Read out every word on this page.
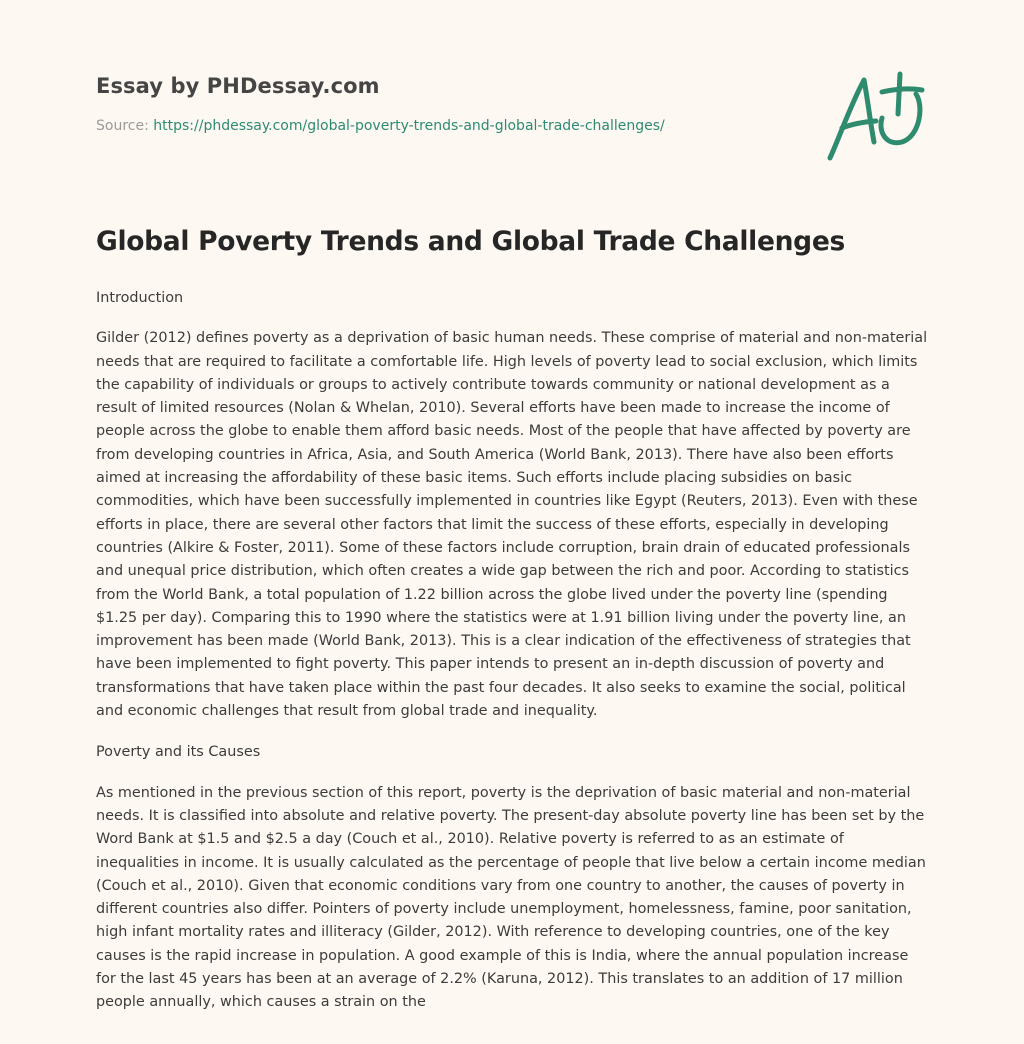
Essay by PHDessay.com
Source: https://phdessay.com/global-poverty-trends-and-global-trade-challenges/
Global Poverty Trends and Global Trade Challenges

Introduction

Gilder (2012) defines poverty as a deprivation of basic human needs. These comprise of material and non-material needs that are required to facilitate a comfortable life. High levels of poverty lead to social exclusion, which limits the capability of individuals or groups to actively contribute towards community or national development as a result of limited resources (Nolan & Whelan, 2010). Several efforts have been made to increase the income of people across the globe to enable them afford basic needs. Most of the people that have affected by poverty are from developing countries in Africa, Asia, and South America (World Bank, 2013). There have also been efforts aimed at increasing the affordability of these basic items. Such efforts include placing subsidies on basic commodities, which have been successfully implemented in countries like Egypt (Reuters, 2013). Even with these efforts in place, there are several other factors that limit the success of these efforts, especially in developing countries (Alkire & Foster, 2011). Some of these factors include corruption, brain drain of educated professionals and unequal price distribution, which often creates a wide gap between the rich and poor. According to statistics from the World Bank, a total population of 1.22 billion across the globe lived under the poverty line (spending $1.25 per day). Comparing this to 1990 where the statistics were at 1.91 billion living under the poverty line, an improvement has been made (World Bank, 2013). This is a clear indication of the effectiveness of strategies that have been implemented to fight poverty. This paper intends to present an in-depth discussion of poverty and transformations that have taken place within the past four decades. It also seeks to examine the social, political and economic challenges that result from global trade and inequality.

Poverty and its Causes

As mentioned in the previous section of this report, poverty is the deprivation of basic material and non-material needs. It is classified into absolute and relative poverty. The present-day absolute poverty line has been set by the Word Bank at $1.5 and $2.5 a day (Couch et al., 2010). Relative poverty is referred to as an estimate of inequalities in income. It is usually calculated as the percentage of people that live below a certain income median (Couch et al., 2010). Given that economic conditions vary from one country to another, the causes of poverty in different countries also differ. Pointers of poverty include unemployment, homelessness, famine, poor sanitation, high infant mortality rates and illiteracy (Gilder, 2012). With reference to developing countries, one of the key causes is the rapid increase in population. A good example of this is India, where the annual population increase for the last 45 years has been at an average of 2.2% (Karuna, 2012). This translates to an addition of 17 million people annually, which causes a strain on the
